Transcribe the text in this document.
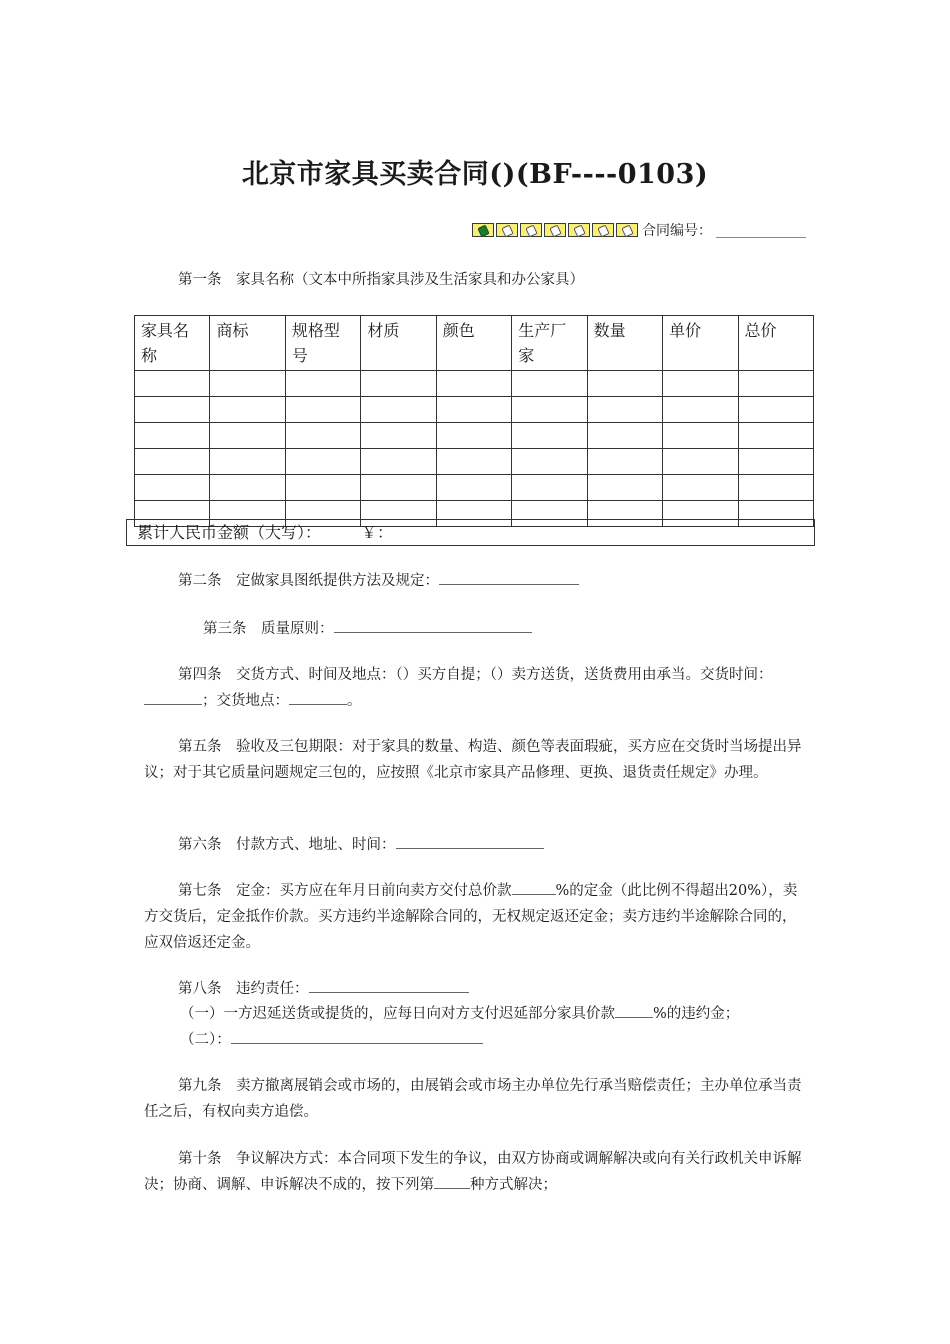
北京市家具买卖合同()(BF----0103)
合同编号：
第一条　家具名称（文本中所指家具涉及生活家具和办公家具）
家具名称	商标	规格型号	材质	颜色	生产厂家	数量	单价	总价

累计人民币金额（大写）：	￥：
第二条　定做家具图纸提供方法及规定：
第三条　质量原则：
第四条　交货方式、时间及地点：（）买方自提；（）卖方送货，送货费用由承当。交货时间：；交货地点：	。
第五条　验收及三包期限：对于家具的数量、构造、颜色等表面瑕疵，买方应在交货时当场提出异议；对于其它质量问题规定三包的，应按照《北京市家具产品修理、更换、退货责任规定》办理。
第六条　付款方式、地址、时间：
第七条　定金：买方应在年月日前向卖方交付总价款	%的定金（此比例不得超出20%），卖方交货后，定金抵作价款。买方违约半途解除合同的，无权规定返还定金；卖方违约半途解除合同的，应双倍返还定金。
第八条　违约责任：
（一）一方迟延送货或提货的，应每日向对方支付迟延部分家具价款	%的违约金；
（二）：
第九条　卖方撤离展销会或市场的，由展销会或市场主办单位先行承当赔偿责任；主办单位承当责任之后，有权向卖方追偿。
第十条　争议解决方式：本合同项下发生的争议，由双方协商或调解解决或向有关行政机关申诉解决；协商、调解、申诉解决不成的，按下列第 种方式解决；
